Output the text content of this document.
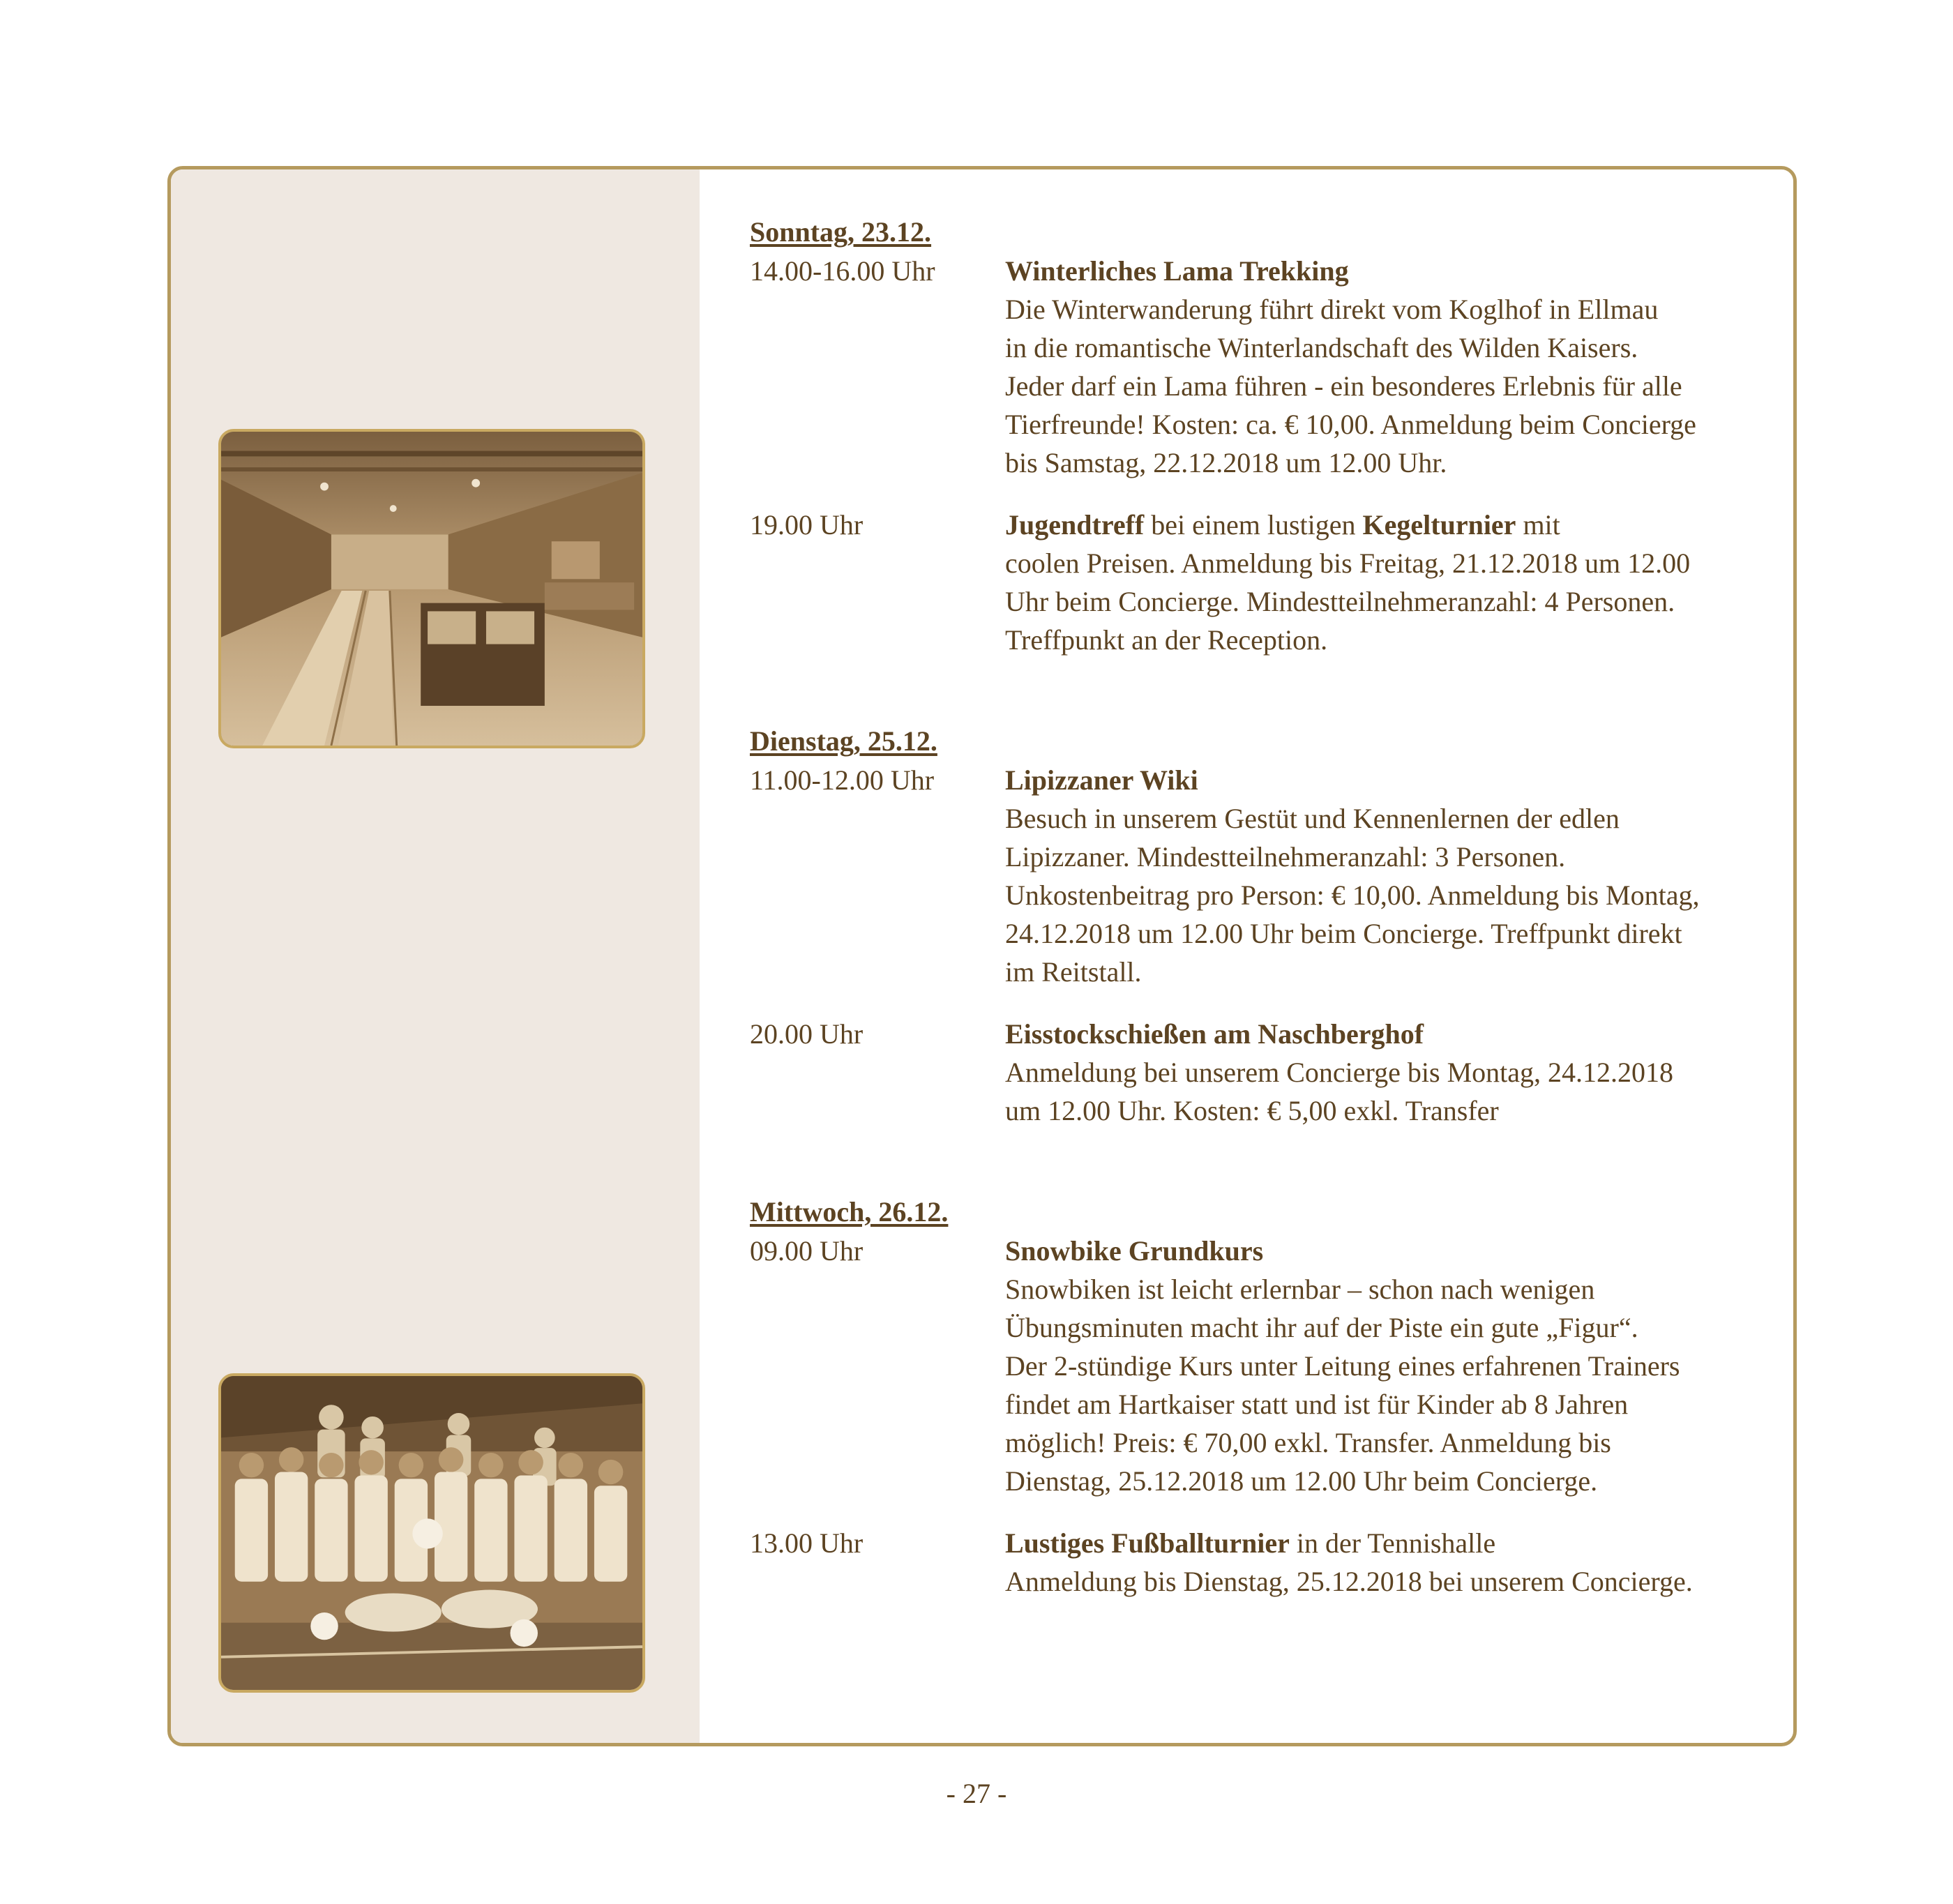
Sonntag, 23.12.

14.00-16.00 Uhr	Winterliches Lama Trekking
Die Winterwanderung führt direkt vom Koglhof in Ellmau
in die romantische Winterlandschaft des Wilden Kaisers.
Jeder darf ein Lama führen - ein besonderes Erlebnis für alle
Tierfreunde! Kosten: ca. € 10,00. Anmeldung beim Concierge
bis Samstag, 22.12.2018 um 12.00 Uhr.
19.00 Uhr	Jugendtreff bei einem lustigen Kegelturnier mit
coolen Preisen. Anmeldung bis Freitag, 21.12.2018 um 12.00
Uhr beim Concierge. Mindestteilnehmeranzahl: 4 Personen.
Treffpunkt an der Reception.

Dienstag, 25.12.

11.00-12.00 Uhr	Lipizzaner Wiki
Besuch in unserem Gestüt und Kennenlernen der edlen
Lipizzaner. Mindestteilnehmeranzahl: 3 Personen.
Unkostenbeitrag pro Person: € 10,00. Anmeldung bis Montag,
24.12.2018 um 12.00 Uhr beim Concierge. Treffpunkt direkt
im Reitstall.
20.00 Uhr	Eisstockschießen am Naschberghof
Anmeldung bei unserem Concierge bis Montag, 24.12.2018
um 12.00 Uhr. Kosten: € 5,00 exkl. Transfer

Mittwoch, 26.12.

09.00 Uhr	Snowbike Grundkurs
Snowbiken ist leicht erlernbar – schon nach wenigen
Übungsminuten macht ihr auf der Piste ein gute „Figur“.
Der 2-stündige Kurs unter Leitung eines erfahrenen Trainers
findet am Hartkaiser statt und ist für Kinder ab 8 Jahren
möglich! Preis: € 70,00 exkl. Transfer. Anmeldung bis
Dienstag, 25.12.2018 um 12.00 Uhr beim Concierge.
13.00 Uhr	Lustiges Fußballturnier in der Tennishalle
Anmeldung bis Dienstag, 25.12.2018 bei unserem Concierge.
- 27 -
